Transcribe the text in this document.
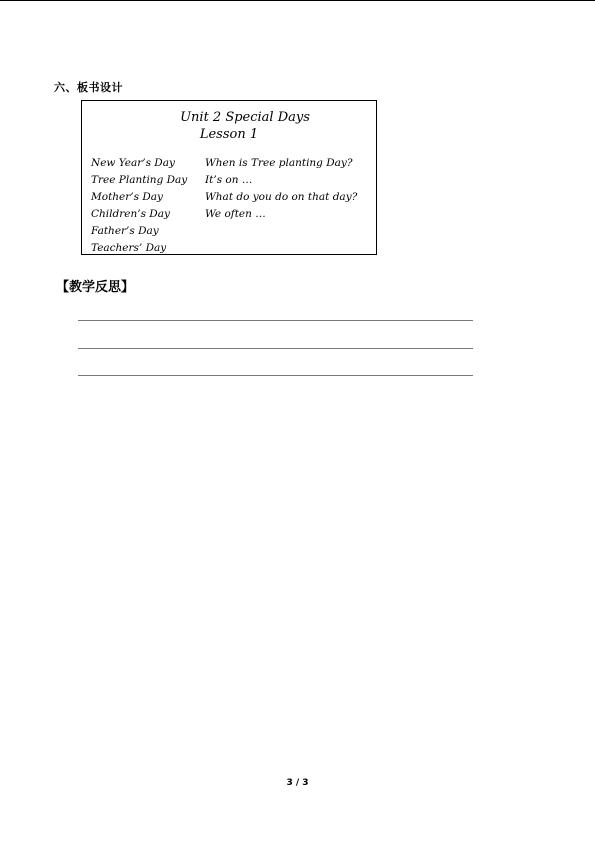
六、板书设计
Unit 2 Special Days
Lesson 1
New Year’s Day
Tree Planting Day
Mother’s Day
Children’s Day
Father’s Day
Teachers’ Day
When is Tree planting Day?
It’s on …
What do you do on that day?
We often …
【教学反思】
3 / 3
